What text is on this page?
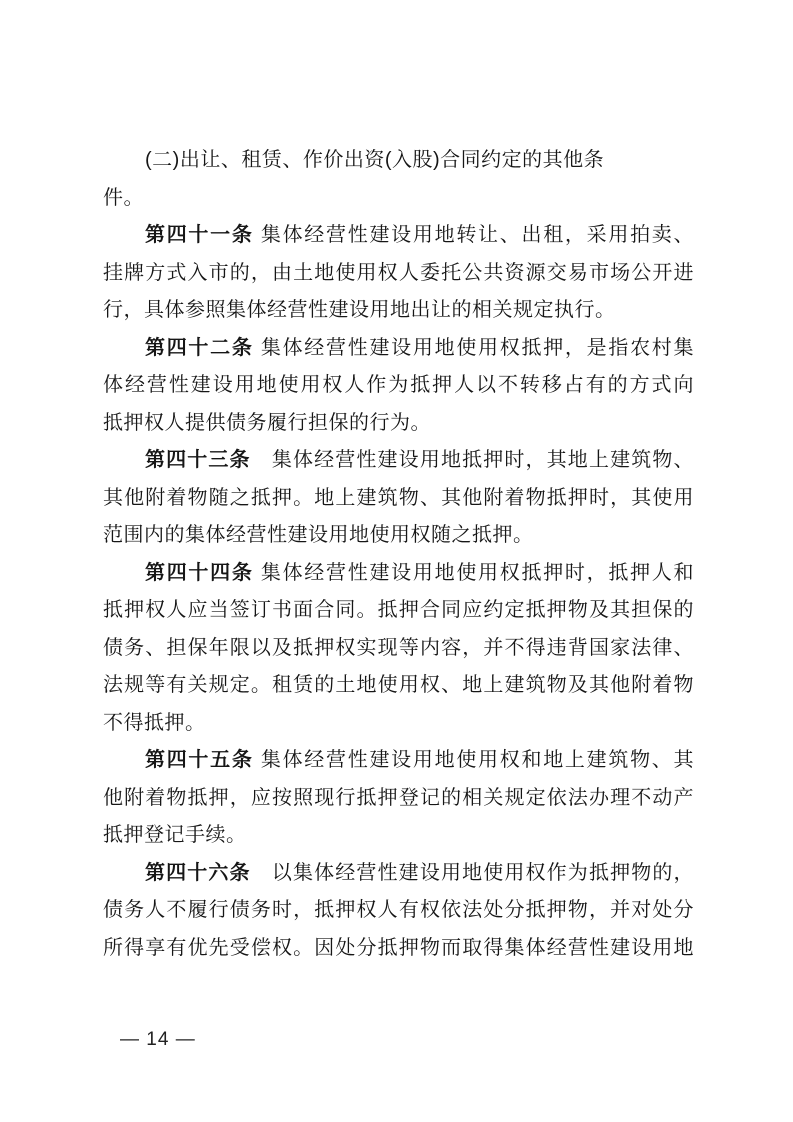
(二)出让、租赁、作价出资(入股)合同约定的其他条
件。
第四十一条 集体经营性建设用地转让、出租，采用拍卖、
挂牌方式入市的，由土地使用权人委托公共资源交易市场公开进
行，具体参照集体经营性建设用地出让的相关规定执行。
第四十二条 集体经营性建设用地使用权抵押，是指农村集
体经营性建设用地使用权人作为抵押人以不转移占有的方式向
抵押权人提供债务履行担保的行为。
第四十三条　集体经营性建设用地抵押时，其地上建筑物、
其他附着物随之抵押。地上建筑物、其他附着物抵押时，其使用
范围内的集体经营性建设用地使用权随之抵押。
第四十四条 集体经营性建设用地使用权抵押时，抵押人和
抵押权人应当签订书面合同。抵押合同应约定抵押物及其担保的
债务、担保年限以及抵押权实现等内容，并不得违背国家法律、
法规等有关规定。租赁的土地使用权、地上建筑物及其他附着物
不得抵押。
第四十五条 集体经营性建设用地使用权和地上建筑物、其
他附着物抵押，应按照现行抵押登记的相关规定依法办理不动产
抵押登记手续。
第四十六条　以集体经营性建设用地使用权作为抵押物的，
债务人不履行债务时，抵押权人有权依法处分抵押物，并对处分
所得享有优先受偿权。因处分抵押物而取得集体经营性建设用地
— 14 —
